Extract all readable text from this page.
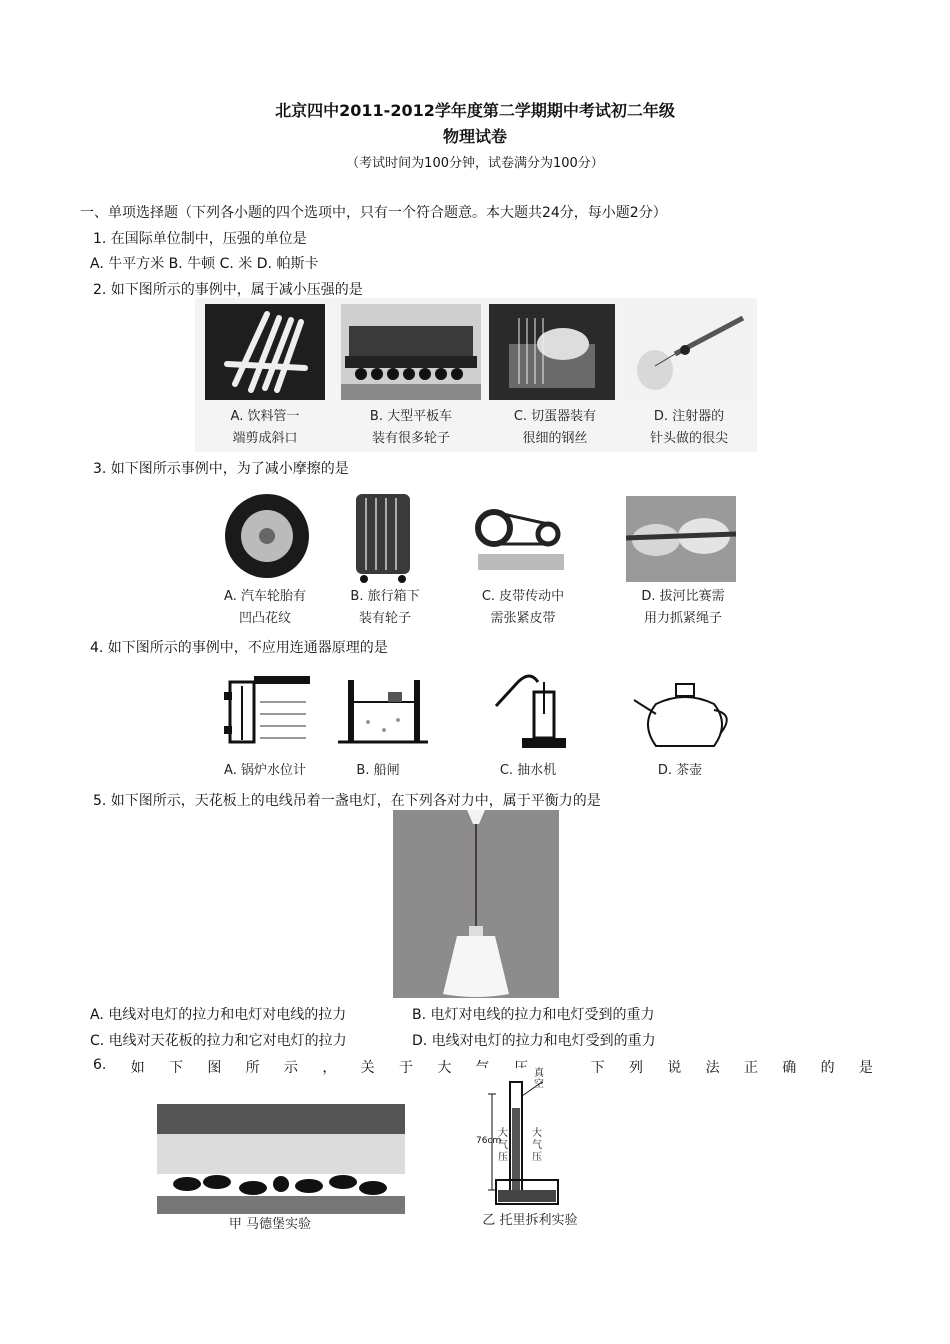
北京四中2011-2012学年度第二学期期中考试初二年级
物理试卷
（考试时间为100分钟，试卷满分为100分）
一、单项选择题（下列各小题的四个选项中，只有一个符合题意。本大题共24分，每小题2分）
1. 在国际单位制中，压强的单位是
A. 牛平方米 B. 牛顿 C. 米 D. 帕斯卡
2. 如下图所示的事例中，属于减小压强的是
A. 饮料管一
端剪成斜口
B. 大型平板车
装有很多轮子
C. 切蛋器装有
很细的钢丝
D. 注射器的
针头做的很尖
3. 如下图所示事例中，为了减小摩擦的是
A. 汽车轮胎有
凹凸花纹
B. 旅行箱下
装有轮子
C. 皮带传动中
需张紧皮带
D. 拔河比赛需
用力抓紧绳子
4. 如下图所示的事例中，不应用连通器原理的是
A. 锅炉水位计	B. 船闸	C. 抽水机	D. 茶壶
5. 如下图所示，天花板上的电线吊着一盏电灯，在下列各对力中，属于平衡力的是
A. 电线对电灯的拉力和电灯对电线的拉力	B. 电灯对电线的拉力和电灯受到的重力
C. 电线对天花板的拉力和它对电灯的拉力	D. 电线对电灯的拉力和电灯受到的重力
6. 如 下 图 所 示 ， 关 于 大	下 列 说 法 正 确 的 是
甲 马德堡实验
真空
76cm
大气压
大气压
乙 托里拆利实验
